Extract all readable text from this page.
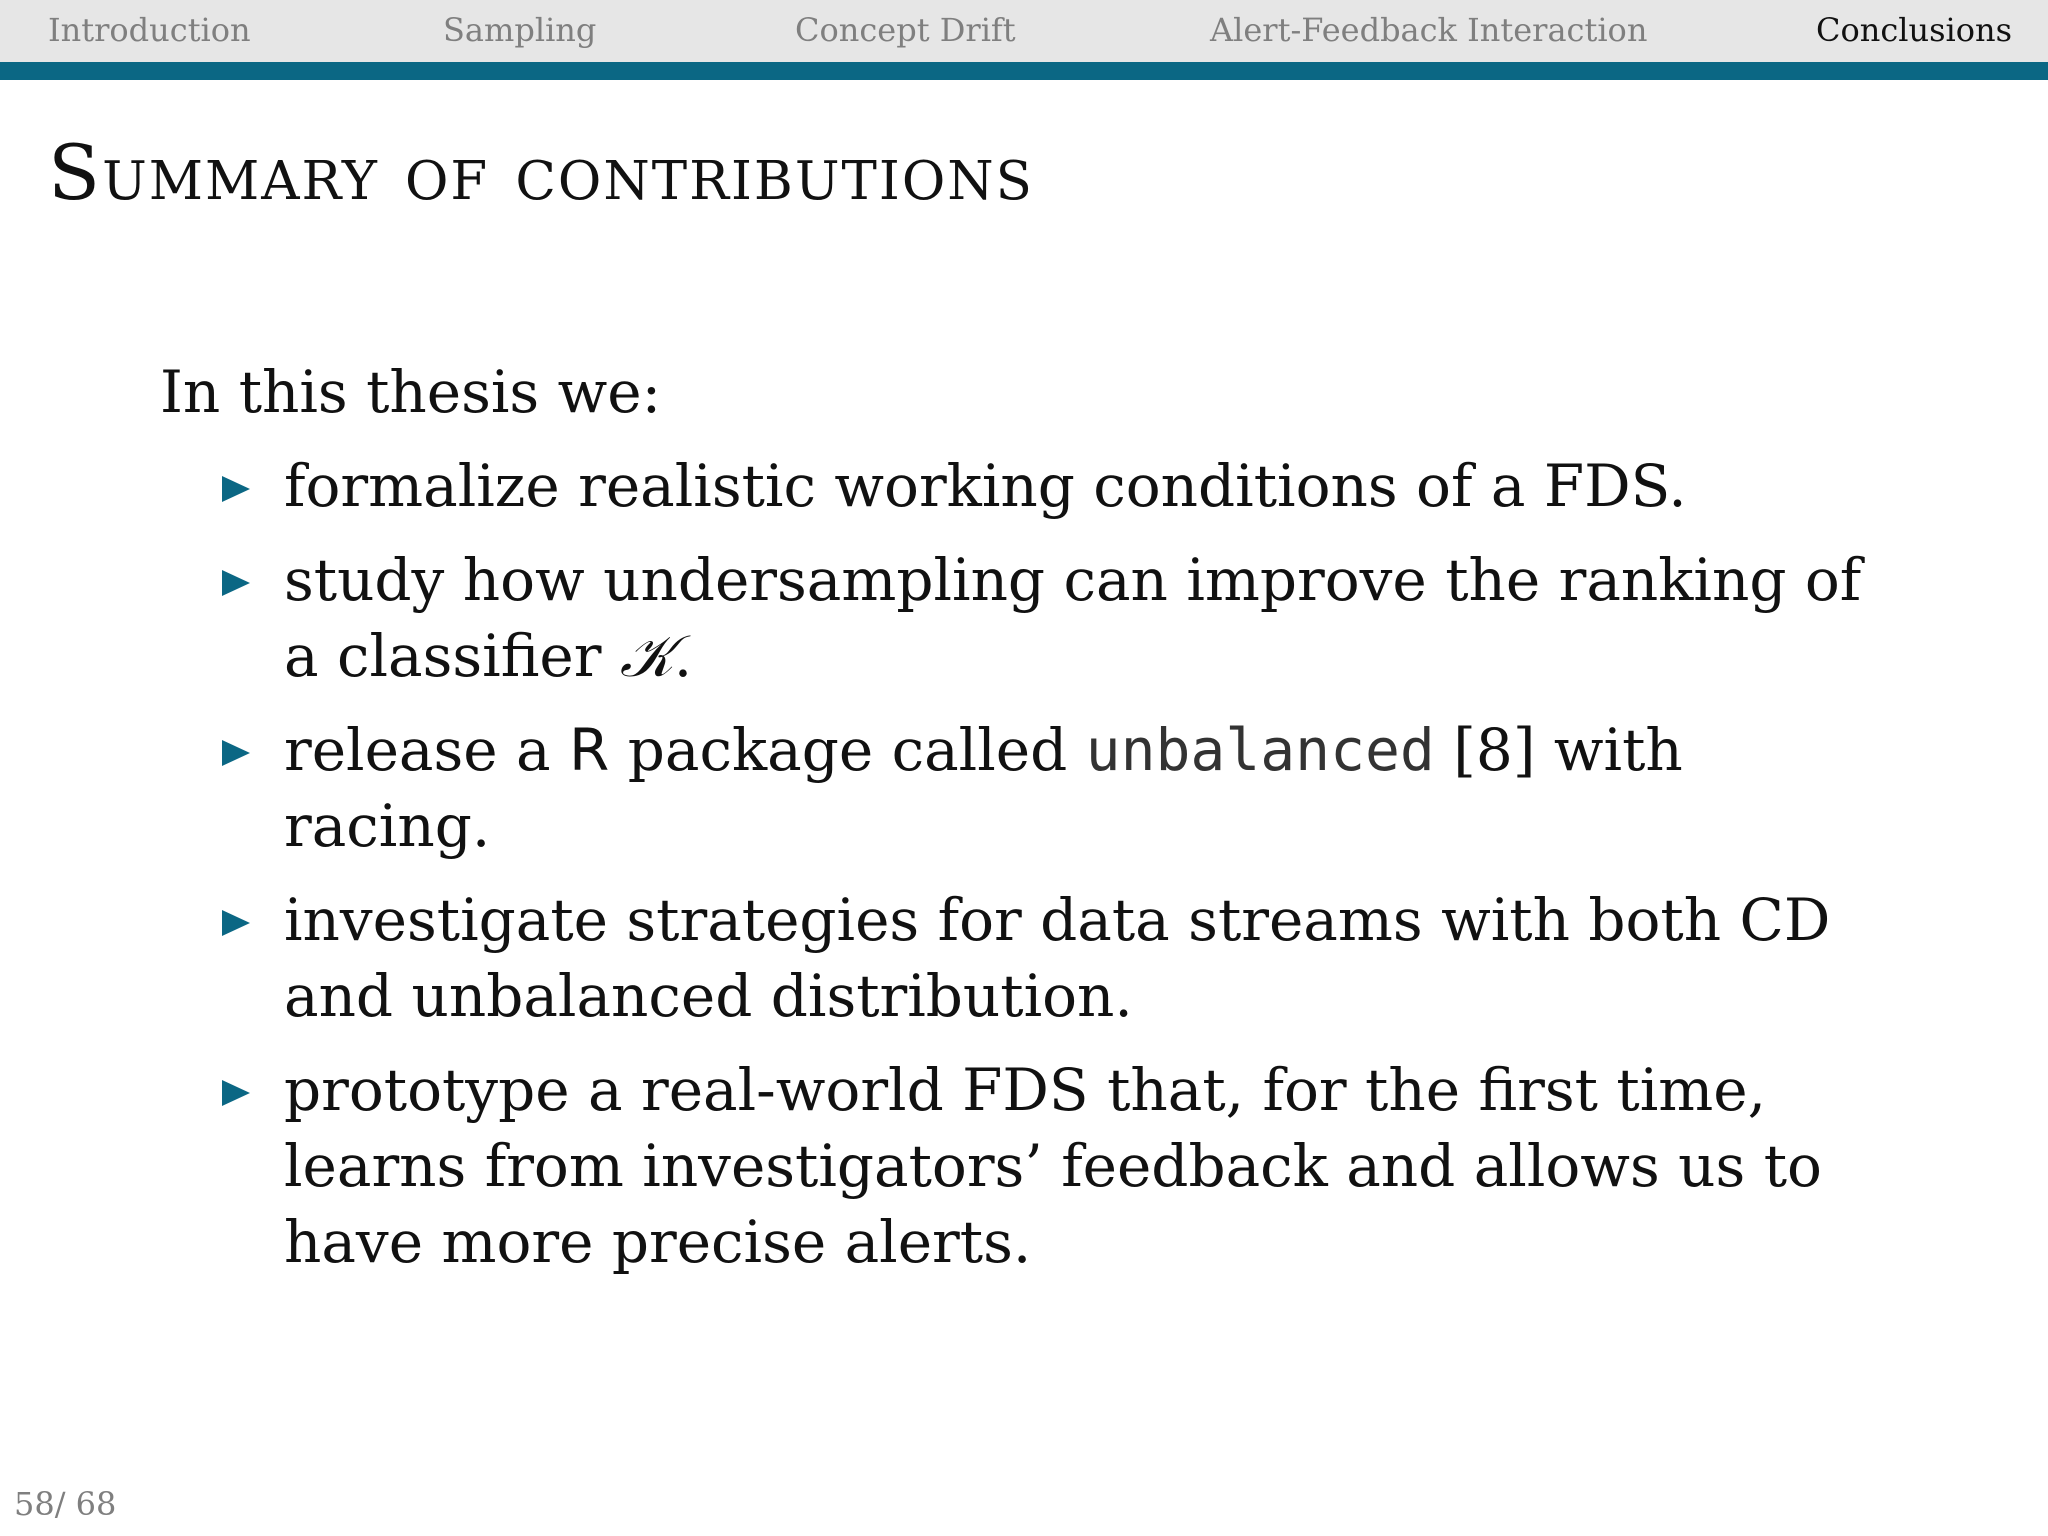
Introduction	Sampling	Concept Drift	Alert-Feedback Interaction	Conclusions
Summary of contributions
In this thesis we:
formalize realistic working conditions of a FDS.
study how undersampling can improve the ranking of a classifier 𝒦.
release a R package called unbalanced [8] with racing.
investigate strategies for data streams with both CD and unbalanced distribution.
prototype a real-world FDS that, for the first time, learns from investigators’ feedback and allows us to have more precise alerts.
58/ 68
